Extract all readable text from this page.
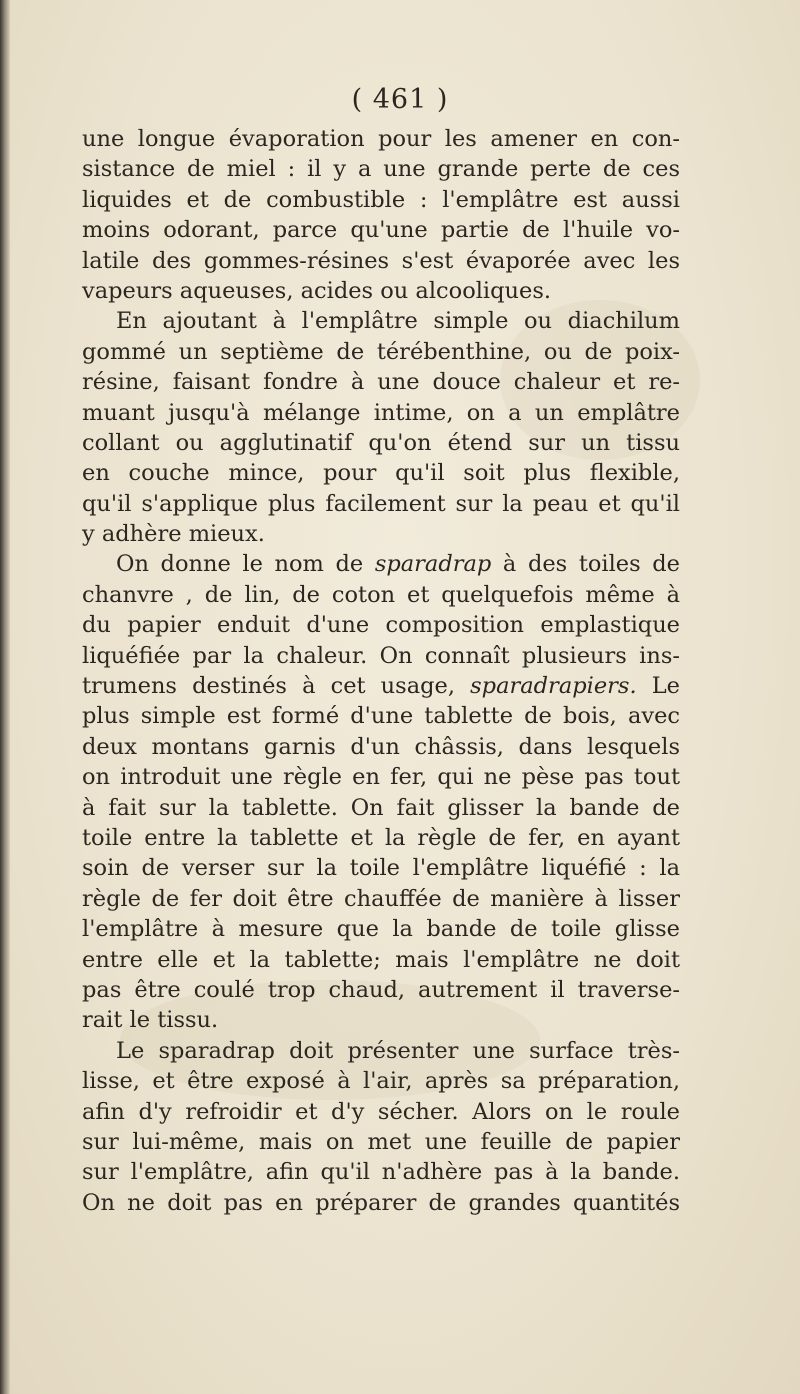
( 461 )
une longue évaporation pour les amener en con-
sistance de miel : il y a une grande perte de ces
liquides et de combustible : l'emplâtre est aussi
moins odorant, parce qu'une partie de l'huile vo-
latile des gommes-résines s'est évaporée avec les
vapeurs aqueuses, acides ou alcooliques.
En ajoutant à l'emplâtre simple ou diachilum
gommé un septième de térébenthine, ou de poix-
résine, faisant fondre à une douce chaleur et re-
muant jusqu'à mélange intime, on a un emplâtre
collant ou agglutinatif qu'on étend sur un tissu
en couche mince, pour qu'il soit plus flexible,
qu'il s'applique plus facilement sur la peau et qu'il
y adhère mieux.
On donne le nom de sparadrap à des toiles de
chanvre , de lin, de coton et quelquefois même à
du papier enduit d'une composition emplastique
liquéfiée par la chaleur. On connaît plusieurs ins-
trumens destinés à cet usage, sparadrapiers. Le
plus simple est formé d'une tablette de bois, avec
deux montans garnis d'un châssis, dans lesquels
on introduit une règle en fer, qui ne pèse pas tout
à fait sur la tablette. On fait glisser la bande de
toile entre la tablette et la règle de fer, en ayant
soin de verser sur la toile l'emplâtre liquéfié : la
règle de fer doit être chauffée de manière à lisser
l'emplâtre à mesure que la bande de toile glisse
entre elle et la tablette; mais l'emplâtre ne doit
pas être coulé trop chaud, autrement il traverse-
rait le tissu.
Le sparadrap doit présenter une surface très-
lisse, et être exposé à l'air, après sa préparation,
afin d'y refroidir et d'y sécher. Alors on le roule
sur lui-même, mais on met une feuille de papier
sur l'emplâtre, afin qu'il n'adhère pas à la bande.
On ne doit pas en préparer de grandes quantités
